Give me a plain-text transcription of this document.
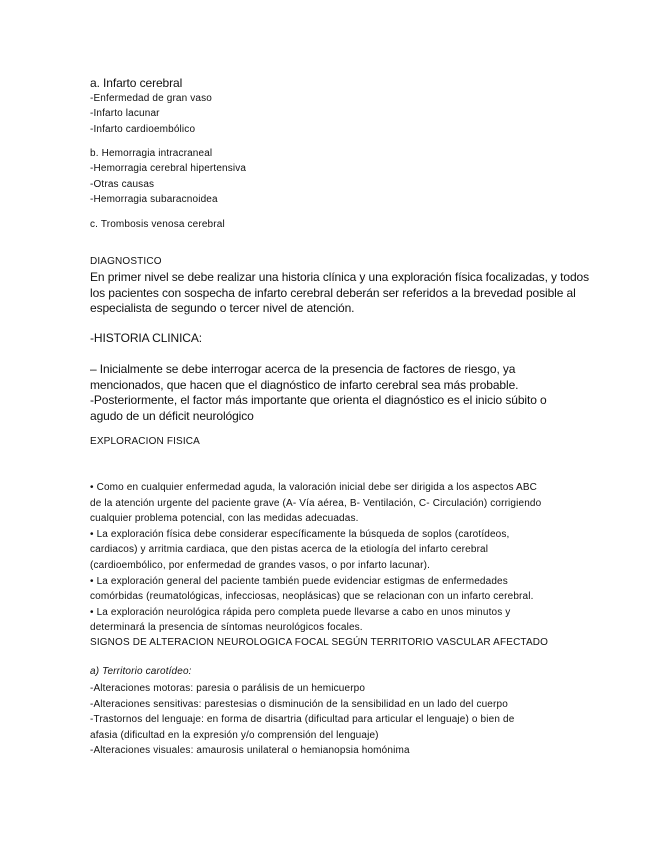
a. Infarto cerebral
-Enfermedad de gran vaso
-Infarto lacunar
-Infarto cardioembólico
b. Hemorragia intracraneal
-Hemorragia cerebral hipertensiva
-Otras causas
-Hemorragia subaracnoidea
c. Trombosis venosa cerebral
DIAGNOSTICO
En primer nivel se debe realizar una historia clínica y una exploración física focalizadas, y todos
los pacientes con sospecha de infarto cerebral deberán ser referidos a la brevedad posible al
especialista de segundo o tercer nivel de atención.
-HISTORIA CLINICA:
– Inicialmente se debe interrogar acerca de la presencia de factores de riesgo, ya
mencionados, que hacen que el diagnóstico de infarto cerebral sea más probable.
-Posteriormente, el factor más importante que orienta el diagnóstico es el inicio súbito o
agudo de un déficit neurológico
EXPLORACION FISICA
• Como en cualquier enfermedad aguda, la valoración inicial debe ser dirigida a los aspectos ABC
de la atención urgente del paciente grave (A- Vía aérea, B- Ventilación, C- Circulación) corrigiendo
cualquier problema potencial, con las medidas adecuadas.
• La exploración física debe considerar específicamente la búsqueda de soplos (carotídeos,
cardiacos) y arritmia cardiaca, que den pistas acerca de la etiología del infarto cerebral
(cardioembólico, por enfermedad de grandes vasos, o por infarto lacunar).
• La exploración general del paciente también puede evidenciar estigmas de enfermedades
comórbidas (reumatológicas, infecciosas, neoplásicas) que se relacionan con un infarto cerebral.
• La exploración neurológica rápida pero completa puede llevarse a cabo en unos minutos y
determinará la presencia de síntomas neurológicos focales.
SIGNOS DE ALTERACION NEUROLOGICA FOCAL SEGÚN TERRITORIO VASCULAR AFECTADO
a) Territorio carotídeo:
-Alteraciones motoras: paresia o parálisis de un hemicuerpo
-Alteraciones sensitivas: parestesias o disminución de la sensibilidad en un lado del cuerpo
-Trastornos del lenguaje: en forma de disartria (dificultad para articular el lenguaje) o bien de
afasia (dificultad en la expresión y/o comprensión del lenguaje)
-Alteraciones visuales: amaurosis unilateral o hemianopsia homónima
